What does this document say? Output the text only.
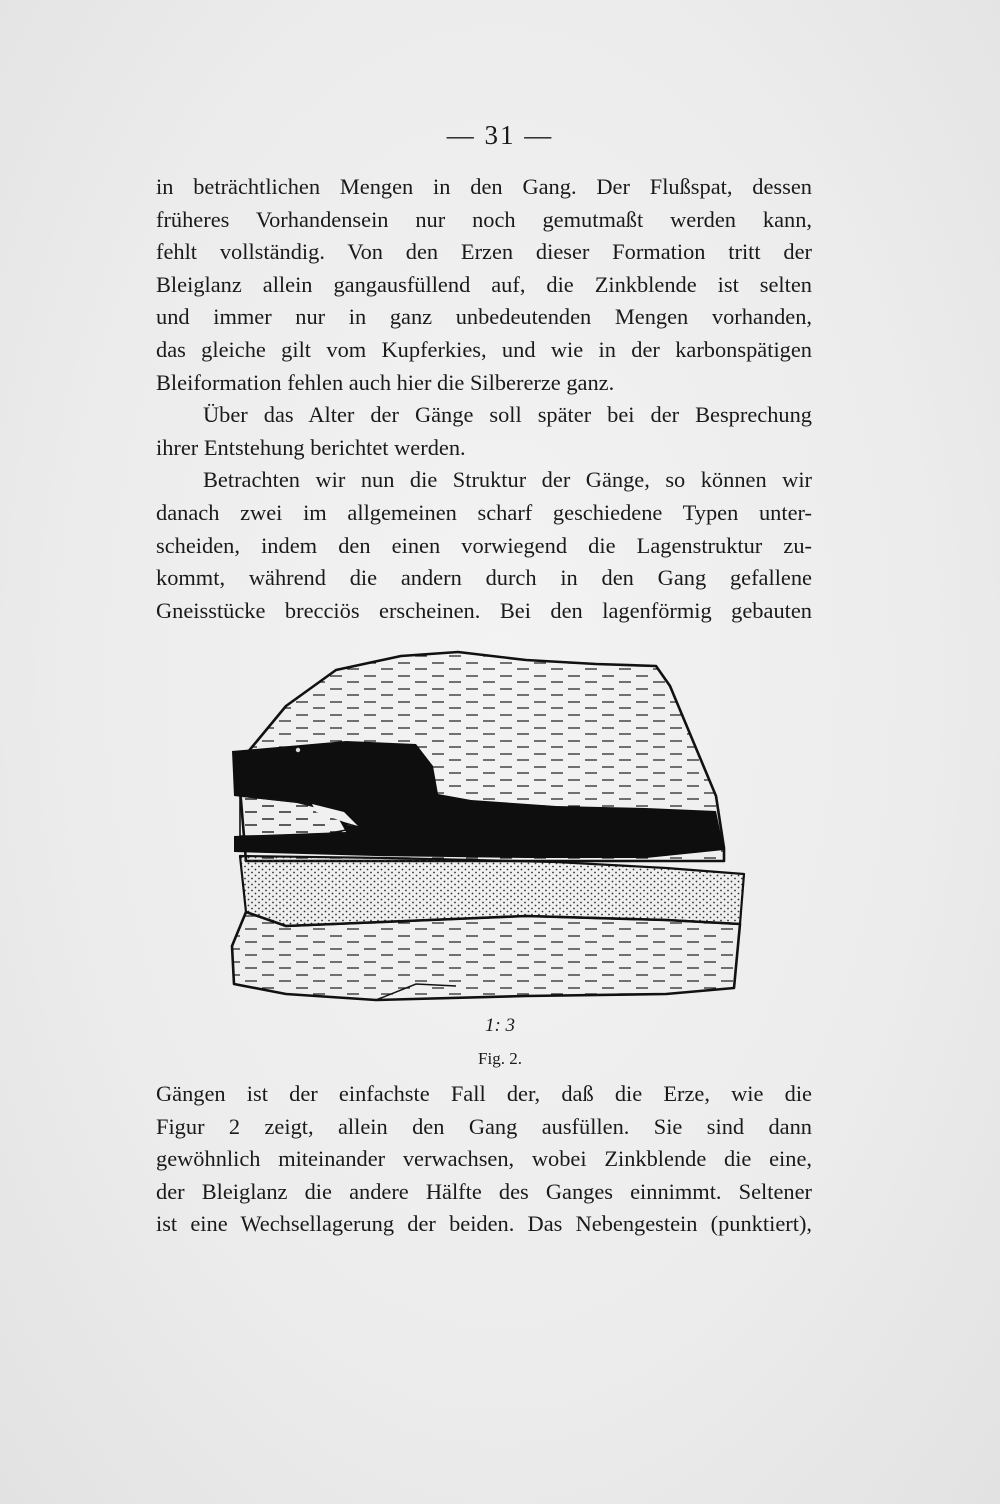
— 31 —

in beträchtlichen Mengen in den Gang. Der Flußspat, dessen

früheres Vorhandensein nur noch gemutmaßt werden kann,

fehlt vollständig. Von den Erzen dieser Formation tritt der

Bleiglanz allein gangausfüllend auf, die Zinkblende ist selten

und immer nur in ganz unbedeutenden Mengen vorhanden,

das gleiche gilt vom Kupferkies, und wie in der karbonspätigen

Bleiformation fehlen auch hier die Silbererze ganz.

Über das Alter der Gänge soll später bei der Besprechung

ihrer Entstehung berichtet werden.

Betrachten wir nun die Struktur der Gänge, so können wir

danach zwei im allgemeinen scharf geschiedene Typen unter-

scheiden, indem den einen vorwiegend die Lagenstruktur zu-

kommt, während die andern durch in den Gang gefallene

Gneisstücke brecciös erscheinen. Bei den lagenförmig gebauten

1: 3
Fig. 2.

Gängen ist der einfachste Fall der, daß die Erze, wie die

Figur 2 zeigt, allein den Gang ausfüllen. Sie sind dann

gewöhnlich miteinander verwachsen, wobei Zinkblende die eine,

der Bleiglanz die andere Hälfte des Ganges einnimmt. Seltener

ist eine Wechsellagerung der beiden. Das Nebengestein (punktiert),
